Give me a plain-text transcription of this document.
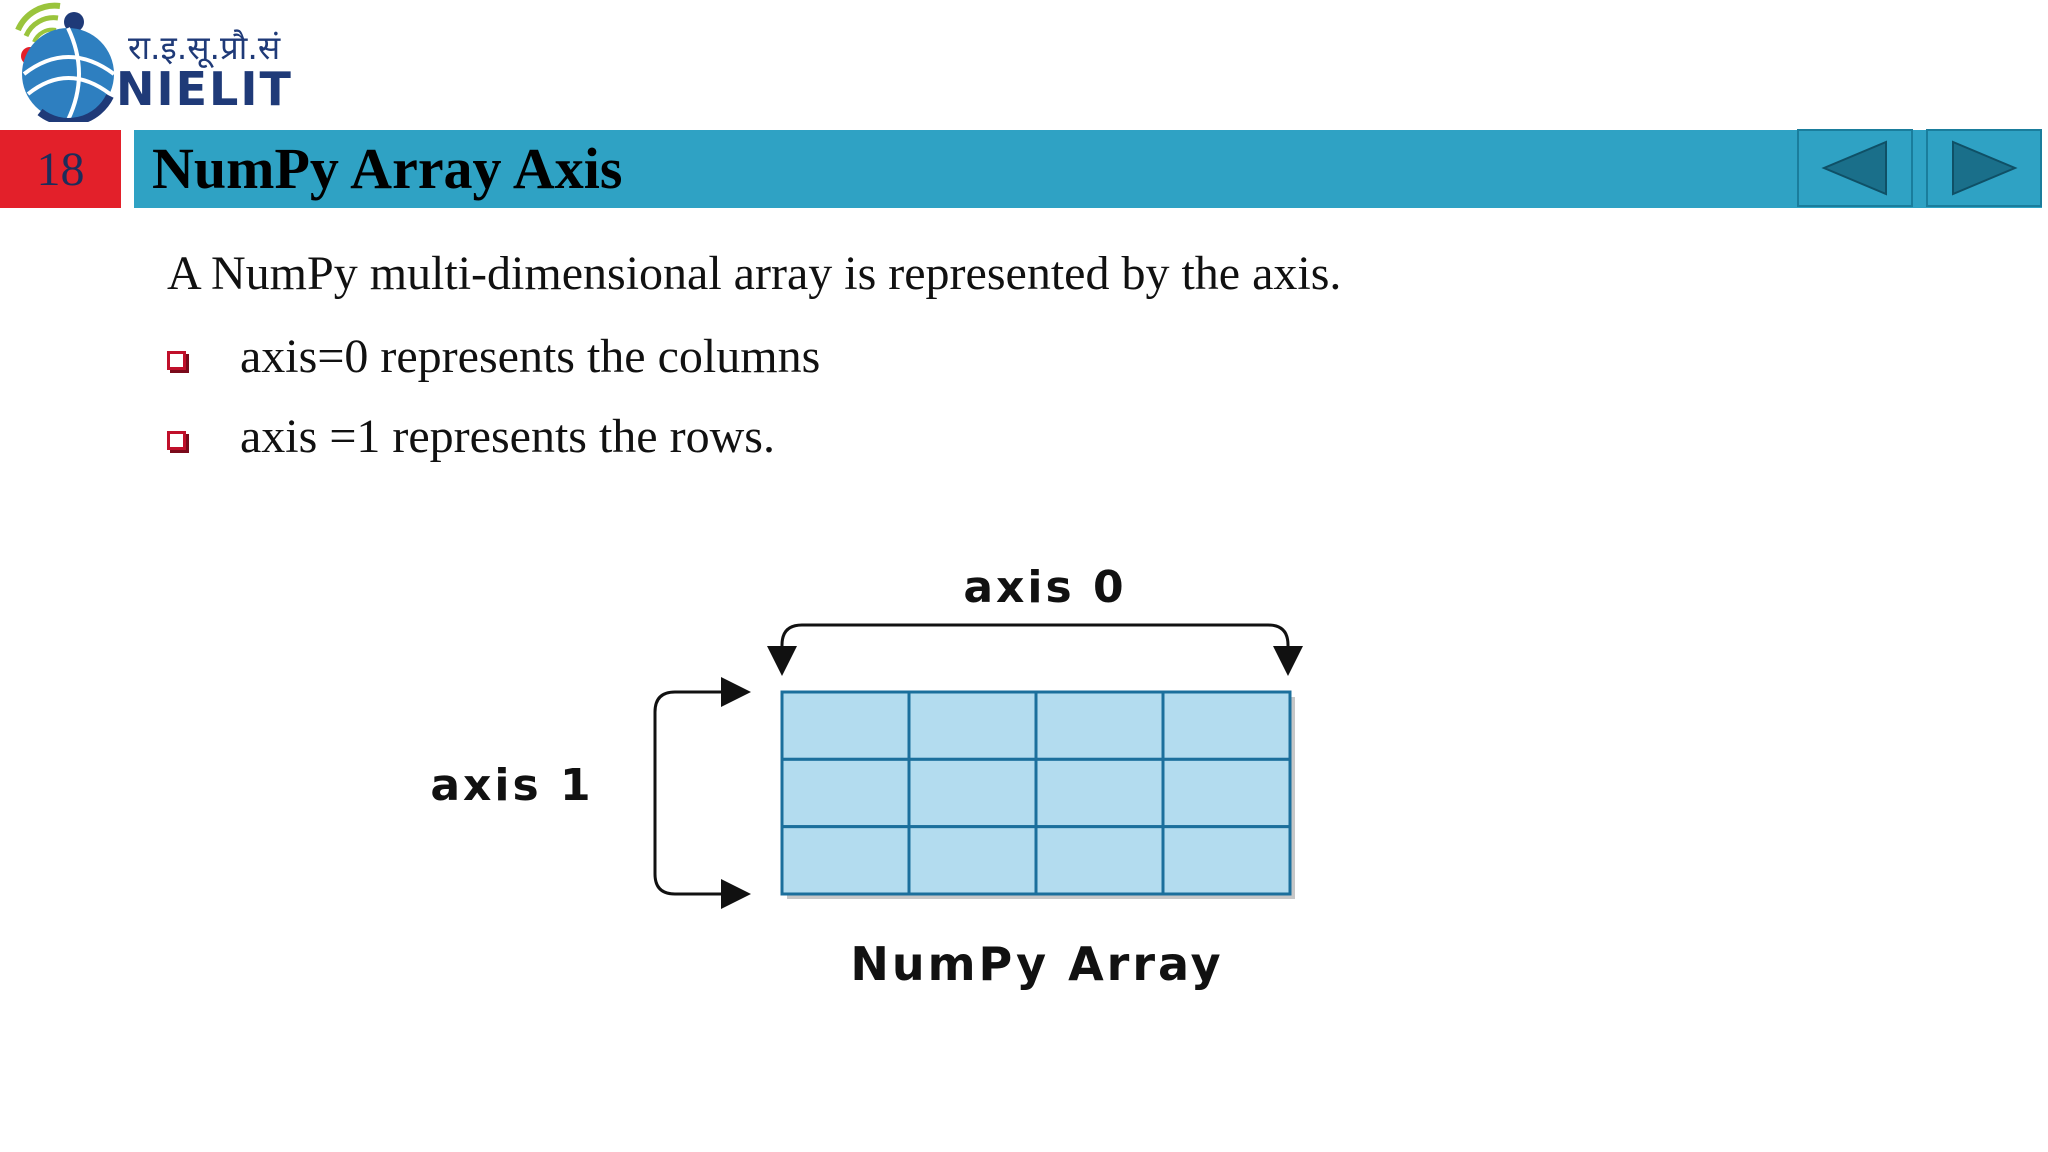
रा.इ.सू.प्रौ.सं
NIELIT
18	NumPy Array Axis
A NumPy multi-dimensional array is represented by the axis.
axis=0 represents the columns
axis =1 represents the rows.
axis 0
axis 1
NumPy Array
